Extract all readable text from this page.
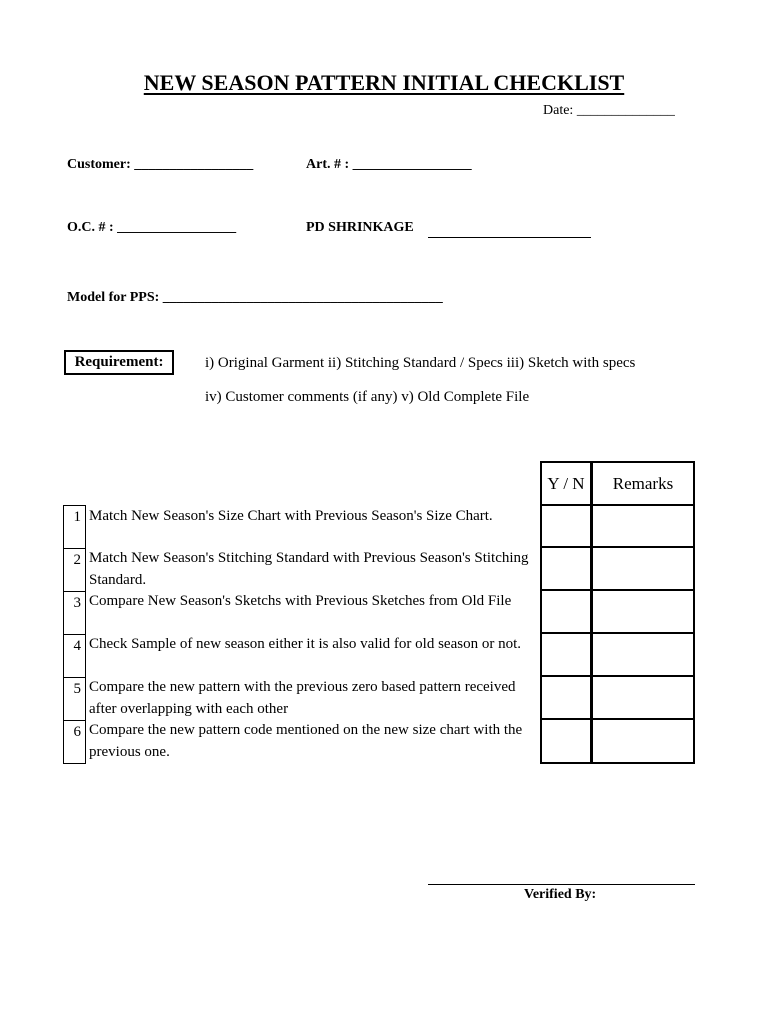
NEW SEASON PATTERN INITIAL CHECKLIST
Date: ______________
Customer: _________________	Art. # : _________________
O.C. # : _________________	PD SHRINKAGE
Model for PPS: ________________________________________
Requirement:	i) Original Garment ii) Stitching Standard / Specs iii) Sketch with specs
iv) Customer comments (if any) v) Old Complete File
Y / N	Remarks
1 Match New Season's Size Chart with Previous Season's Size Chart.
2 Match New Season's Stitching Standard with Previous Season's Stitching Standard.
3 Compare New Season's Sketchs with Previous Sketches from Old File
4 Check Sample of new season either it is also valid for old season or not.
5 Compare the new pattern with the previous zero based pattern received after overlapping with each other
6 Compare the new pattern code mentioned on the new size chart with the previous one.
Verified By:
